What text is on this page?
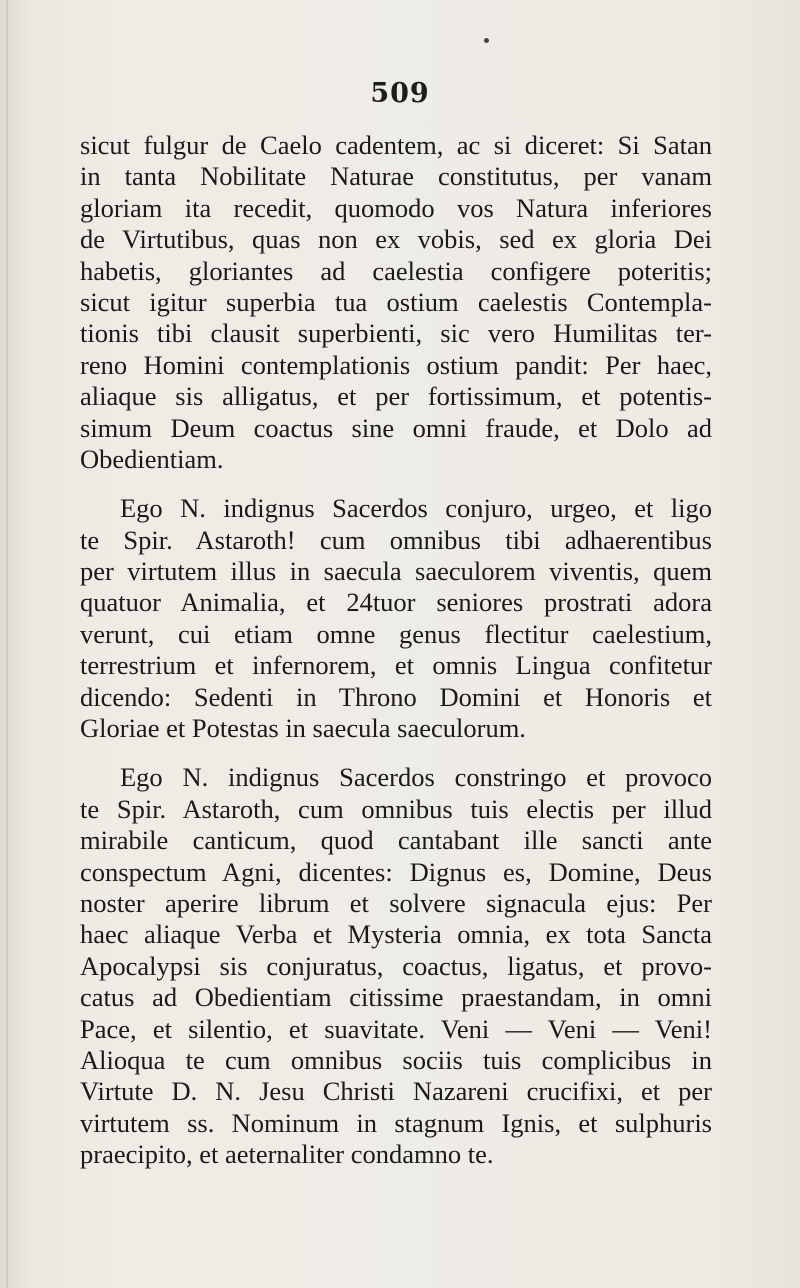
509
sicut fulgur de Caelo cadentem, ac si diceret: Si Satan
in tanta Nobilitate Naturae constitutus, per vanam
gloriam ita recedit, quomodo vos Natura inferiores
de Virtutibus, quas non ex vobis, sed ex gloria Dei
habetis, gloriantes ad caelestia configere poteritis;
sicut igitur superbia tua ostium caelestis Contempla-
tionis tibi clausit superbienti, sic vero Humilitas ter-
reno Homini contemplationis ostium pandit: Per haec,
aliaque sis alligatus, et per fortissimum, et potentis-
simum Deum coactus sine omni fraude, et Dolo ad
Obedientiam.
Ego N. indignus Sacerdos conjuro, urgeo, et ligo
te Spir. Astaroth! cum omnibus tibi adhaerentibus
per virtutem illus in saecula saeculorem viventis, quem
quatuor Animalia, et 24tuor seniores prostrati adora
verunt, cui etiam omne genus flectitur caelestium,
terrestrium et infernorem, et omnis Lingua confitetur
dicendo: Sedenti in Throno Domini et Honoris et
Gloriae et Potestas in saecula saeculorum.
Ego N. indignus Sacerdos constringo et provoco
te Spir. Astaroth, cum omnibus tuis electis per illud
mirabile canticum, quod cantabant ille sancti ante
conspectum Agni, dicentes: Dignus es, Domine, Deus
noster aperire librum et solvere signacula ejus: Per
haec aliaque Verba et Mysteria omnia, ex tota Sancta
Apocalypsi sis conjuratus, coactus, ligatus, et provo-
catus ad Obedientiam citissime praestandam, in omni
Pace, et silentio, et suavitate. Veni — Veni — Veni!
Alioqua te cum omnibus sociis tuis complicibus in
Virtute D. N. Jesu Christi Nazareni crucifixi, et per
virtutem ss. Nominum in stagnum Ignis, et sulphuris
praecipito, et aeternaliter condamno te.
